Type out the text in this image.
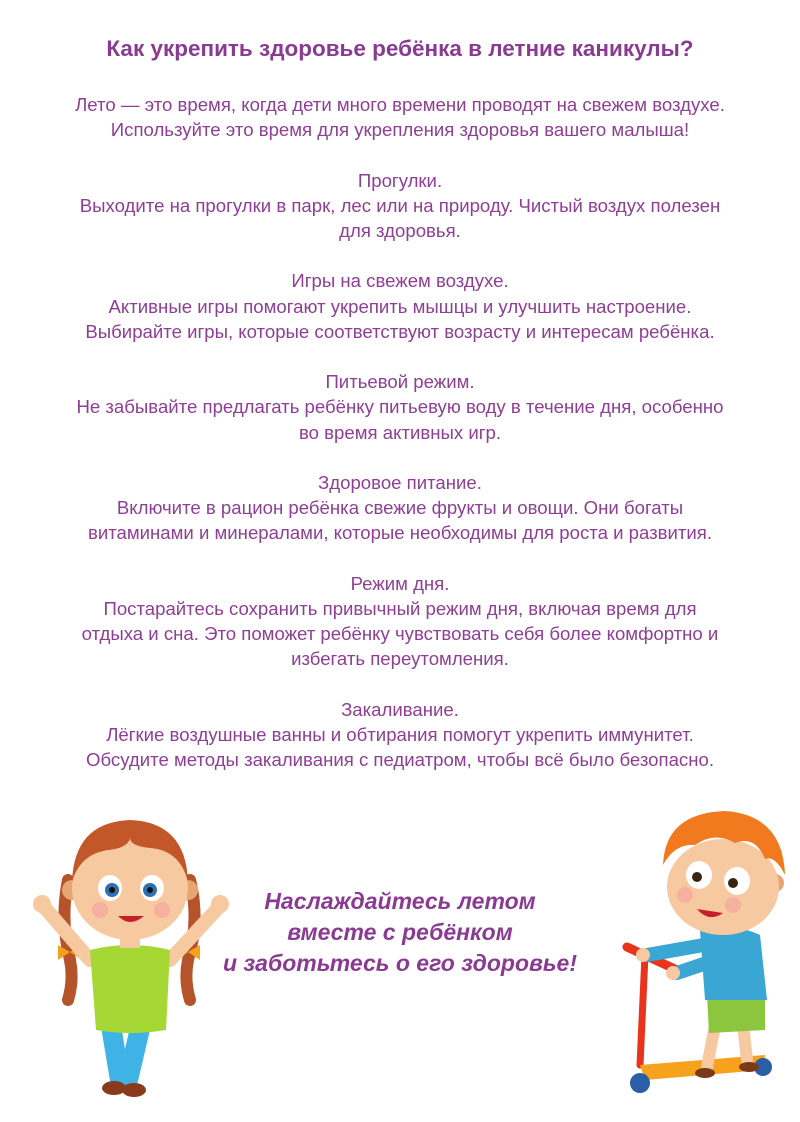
Как укрепить здоровье ребёнка в летние каникулы?
Лето — это время, когда дети много времени проводят на свежем воздухе.
Используйте это время для укрепления здоровья вашего малыша!
Прогулки.
Выходите на прогулки в парк, лес или на природу. Чистый воздух полезен
для здоровья.
Игры на свежем воздухе.
Активные игры помогают укрепить мышцы и улучшить настроение.
Выбирайте игры, которые соответствуют возрасту и интересам ребёнка.
Питьевой режим.
Не забывайте предлагать ребёнку питьевую воду в течение дня, особенно
во время активных игр.
Здоровое питание.
Включите в рацион ребёнка свежие фрукты и овощи. Они богаты
витаминами и минералами, которые необходимы для роста и развития.
Режим дня.
Постарайтесь сохранить привычный режим дня, включая время для
отдыха и сна. Это поможет ребёнку чувствовать себя более комфортно и
избегать переутомления.
Закаливание.
Лёгкие воздушные ванны и обтирания помогут укрепить иммунитет.
Обсудите методы закаливания с педиатром, чтобы всё было безопасно.
Наслаждайтесь летом
вместе с ребёнком
и заботьтесь о его здоровье!
